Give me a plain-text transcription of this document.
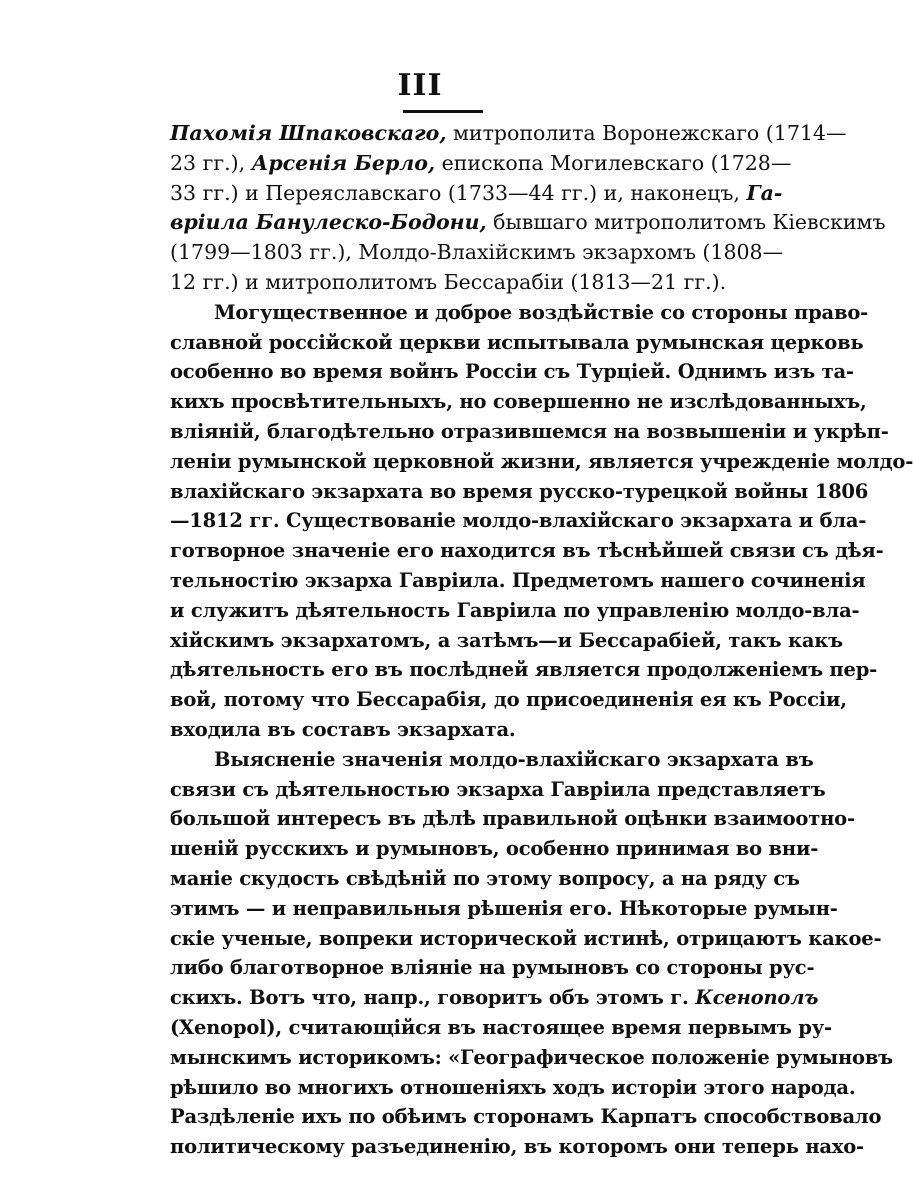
III
Пахомія Шпаковскаго, митрополита Воронежскаго (1714—
23 гг.), Арсенія Берло, епископа Могилевскаго (1728—
33 гг.) и Переяславскаго (1733—44 гг.) и, наконецъ, Га-
вріила Банулеско-Бодони, бывшаго митрополитомъ Кіевскимъ
(1799—1803 гг.), Молдо-Влахійскимъ экзархомъ (1808—
12 гг.) и митрополитомъ Бессарабіи (1813—21 гг.).
Могущественное и доброе воздѣйствіе со стороны право-
славной россійской церкви испытывала румынская церковь
особенно во время войнъ Россіи съ Турціей. Однимъ изъ та-
кихъ просвѣтительныхъ, но совершенно не изслѣдованныхъ,
вліяній, благодѣтельно отразившемся на возвышеніи и укрѣп-
леніи румынской церковной жизни, является учрежденіе молдо-
влахійскаго экзархата во время русско-турецкой войны 1806
—1812 гг. Существованіе молдо-влахійскаго экзархата и бла-
готворное значеніе его находится въ тѣснѣйшей связи съ дѣя-
тельностію экзарха Гавріила. Предметомъ нашего сочиненія
и служитъ дѣятельность Гавріила по управленію молдо-вла-
хійскимъ экзархатомъ, а затѣмъ—и Бессарабіей, такъ какъ
дѣятельность его въ послѣдней является продолженіемъ пер-
вой, потому что Бессарабія, до присоединенія ея къ Россіи,
входила въ составъ экзархата.
Выясненіе значенія молдо-влахійскаго экзархата въ
связи съ дѣятельностью экзарха Гавріила представляетъ
большой интересъ въ дѣлѣ правильной оцѣнки взаимоотно-
шеній русскихъ и румыновъ, особенно принимая во вни-
маніе скудость свѣдѣній по этому вопросу, а на ряду съ
этимъ — и неправильныя рѣшенія его. Нѣкоторые румын-
скіе ученые, вопреки исторической истинѣ, отрицаютъ какое-
либо благотворное вліяніе на румыновъ со стороны рус-
скихъ. Вотъ что, напр., говоритъ объ этомъ г. Ксенополъ
(Xenopol), считающійся въ настоящее время первымъ ру-
мынскимъ историкомъ: «Географическое положеніе румыновъ
рѣшило во многихъ отношеніяхъ ходъ исторіи этого народа.
Раздѣленіе ихъ по обѣимъ сторонамъ Карпатъ способствовало
политическому разъединенію, въ которомъ они теперь нахо-
